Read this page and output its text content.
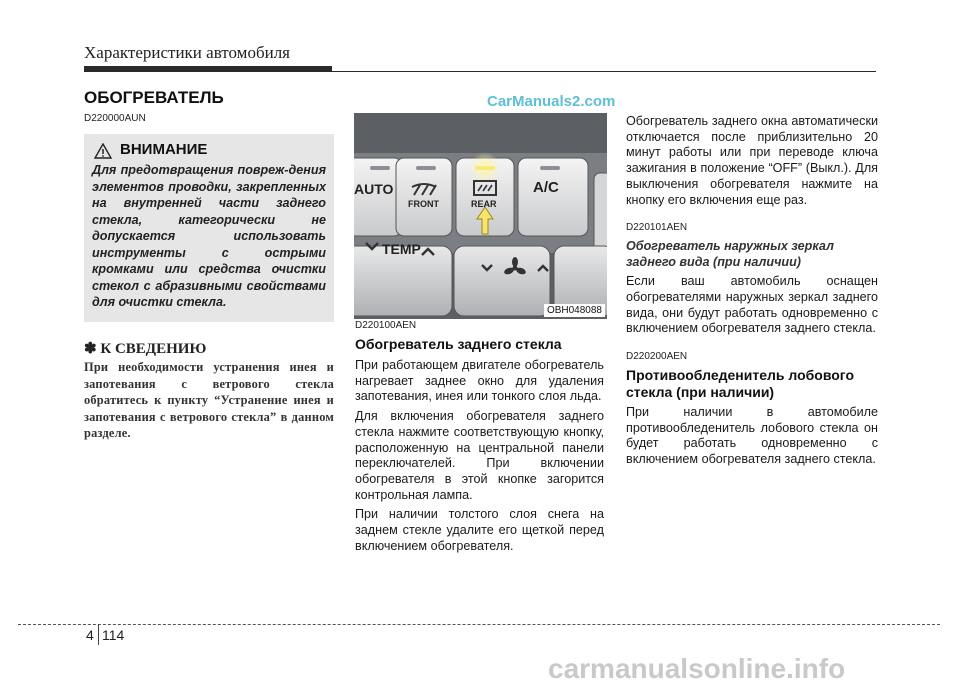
Характеристики автомобиля
ОБОГРЕВАТЕЛЬ
D220000AUN
CarManuals2.com
ВНИМАНИЕ
Для предотвращения повреж-дения элементов проводки, закрепленных на внутренней части заднего стекла, категорически не допускается использовать инструменты с острыми кромками или средства очистки стекол с абразивными свойствами для очистки стекла.
✽ К СВЕДЕНИЮ
При необходимости устранения инея и запотевания с ветрового стекла обратитесь к пункту “Устранение инея и запотевания с ветрового стекла” в данном разделе.
AUTO
FRONT	REAR
A/C
TEMP
OBH048088
D220100AEN
Обогреватель заднего стекла

При работающем двигателе обогреватель нагревает заднее окно для удаления запотевания, инея или тонкого слоя льда.

Для включения обогревателя заднего стекла нажмите соответствующую кнопку, расположенную на центральной панели переключателей. При включении обогревателя в этой кнопке загорится контрольная лампа.

При наличии толстого слоя снега на заднем стекле удалите его щеткой перед включением обогревателя.

Обогреватель заднего окна автоматически отключается после приблизительно 20 минут работы или при переводе ключа зажигания в положение “OFF” (Выкл.). Для выключения обогревателя нажмите на кнопку его включения еще раз.

D220101AEN
Обогреватель наружных зеркал заднего вида (при наличии)

Если ваш автомобиль оснащен обогревателями наружных зеркал заднего вида, они будут работать одновременно с включением обогревателя заднего стекла.

D220200AEN
Противообледенитель лобового стекла (при наличии)

При наличии в автомобиле противообледенитель лобового стекла он будет работать одновременно с включением обогревателя заднего стекла.

4 114
carmanualsonline.info
